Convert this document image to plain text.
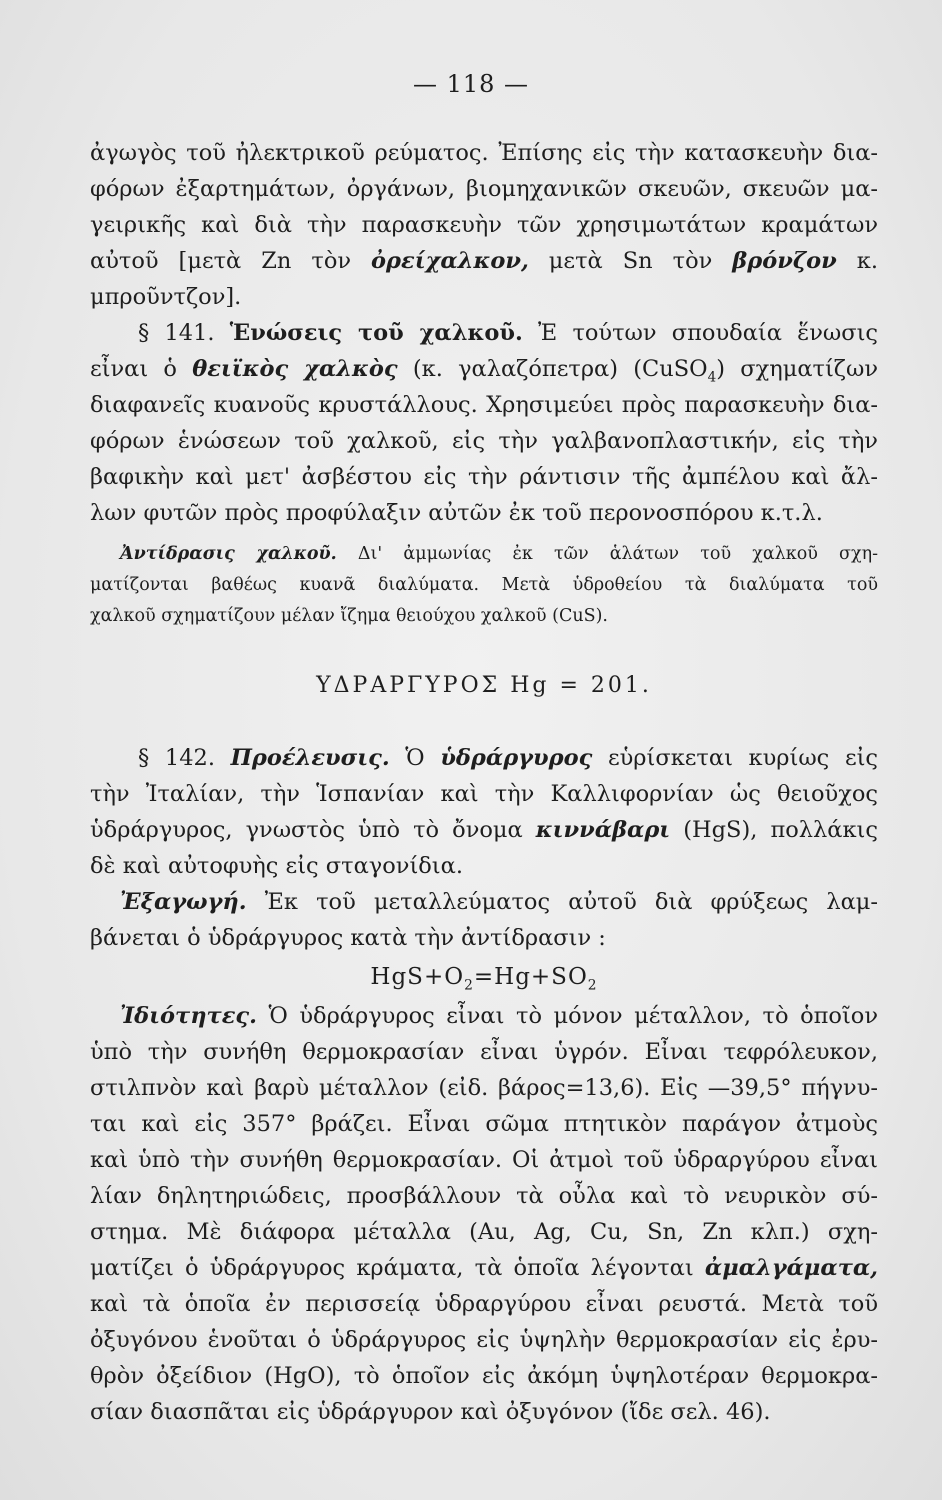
— 118 —
ἀγωγὸς τοῦ ἠλεκτρικοῦ ρεύματος. Ἐπίσης εἰς τὴν κατασκευὴν δια-
φόρων ἐξαρτημάτων, ὀργάνων, βιομηχανικῶν σκευῶν, σκευῶν μα-
γειρικῆς καὶ διὰ τὴν παρασκευὴν τῶν χρησιμωτάτων κραμάτων
αὐτοῦ [μετὰ Zn τὸν ὀρείχαλκον, μετὰ Sn τὸν βρόνζον κ.
μπροῦντζον].
§ 141. Ἑνώσεις τοῦ χαλκοῦ. Ἐ τούτων σπουδαία ἕνωσις
εἶναι ὁ θειϊκὸς χαλκὸς (κ. γαλαζόπετρα) (CuSO$_4$) σχηματίζων
διαφανεῖς κυανοῦς κρυστάλλους. Χρησιμεύει πρὸς παρασκευὴν δια-
φόρων ἑνώσεων τοῦ χαλκοῦ, εἰς τὴν γαλβανοπλαστικήν, εἰς τὴν
βαφικὴν καὶ μετ' ἀσβέστου εἰς τὴν ράντισιν τῆς ἀμπέλου καὶ ἄλ-
λων φυτῶν πρὸς προφύλαξιν αὐτῶν ἐκ τοῦ περονοσπόρου κ.τ.λ.
Ἀντίδρασις χαλκοῦ. Δι' ἀμμωνίας ἐκ τῶν ἁλάτων τοῦ χαλκοῦ σχη-
ματίζονται βαθέως κυανᾶ διαλύματα. Μετὰ ὑδροθείου τὰ διαλύματα τοῦ
χαλκοῦ σχηματίζουν μέλαν ἴζημα θειούχου χαλκοῦ (CuS).
ΥΔΡΑΡΓΥΡΟΣ Hg = 201.
§ 142. Προέλευσις. Ὁ ὑδράργυρος εὑρίσκεται κυρίως εἰς
τὴν Ἰταλίαν, τὴν Ἱσπανίαν καὶ τὴν Καλλιφορνίαν ὡς θειοῦχος
ὑδράργυρος, γνωστὸς ὑπὸ τὸ ὄνομα κιννάβαρι (HgS), πολλάκις
δὲ καὶ αὐτοφυὴς εἰς σταγονίδια.
Ἐξαγωγή. Ἐκ τοῦ μεταλλεύματος αὐτοῦ διὰ φρύξεως λαμ-
βάνεται ὁ ὑδράργυρος κατὰ τὴν ἀντίδρασιν :
$HgS+O_2=Hg+SO_2$
Ἰδιότητες. Ὁ ὑδράργυρος εἶναι τὸ μόνον μέταλλον, τὸ ὁποῖον
ὑπὸ τὴν συνήθη θερμοκρασίαν εἶναι ὑγρόν. Εἶναι τεφρόλευκον,
στιλπνὸν καὶ βαρὺ μέταλλον (εἰδ. βάρος=13,6). Εἰς —39,5° πήγνυ-
ται καὶ εἰς 357° βράζει. Εἶναι σῶμα πτητικὸν παράγον ἀτμοὺς
καὶ ὑπὸ τὴν συνήθη θερμοκρασίαν. Οἱ ἀτμοὶ τοῦ ὑδραργύρου εἶναι
λίαν δηλητηριώδεις, προσβάλλουν τὰ οὖλα καὶ τὸ νευρικὸν σύ-
στημα. Μὲ διάφορα μέταλλα (Au, Ag, Cu, Sn, Zn κλπ.) σχη-
ματίζει ὁ ὑδράργυρος κράματα, τὰ ὁποῖα λέγονται ἀμαλγάματα,
καὶ τὰ ὁποῖα ἐν περισσείᾳ ὑδραργύρου εἶναι ρευστά. Μετὰ τοῦ
ὀξυγόνου ἑνοῦται ὁ ὑδράργυρος εἰς ὑψηλὴν θερμοκρασίαν εἰς ἐρυ-
θρὸν ὀξείδιον (HgO), τὸ ὁποῖον εἰς ἀκόμη ὑψηλοτέραν θερμοκρα-
σίαν διασπᾶται εἰς ὑδράργυρον καὶ ὀξυγόνον (ἴδε σελ. 46).
